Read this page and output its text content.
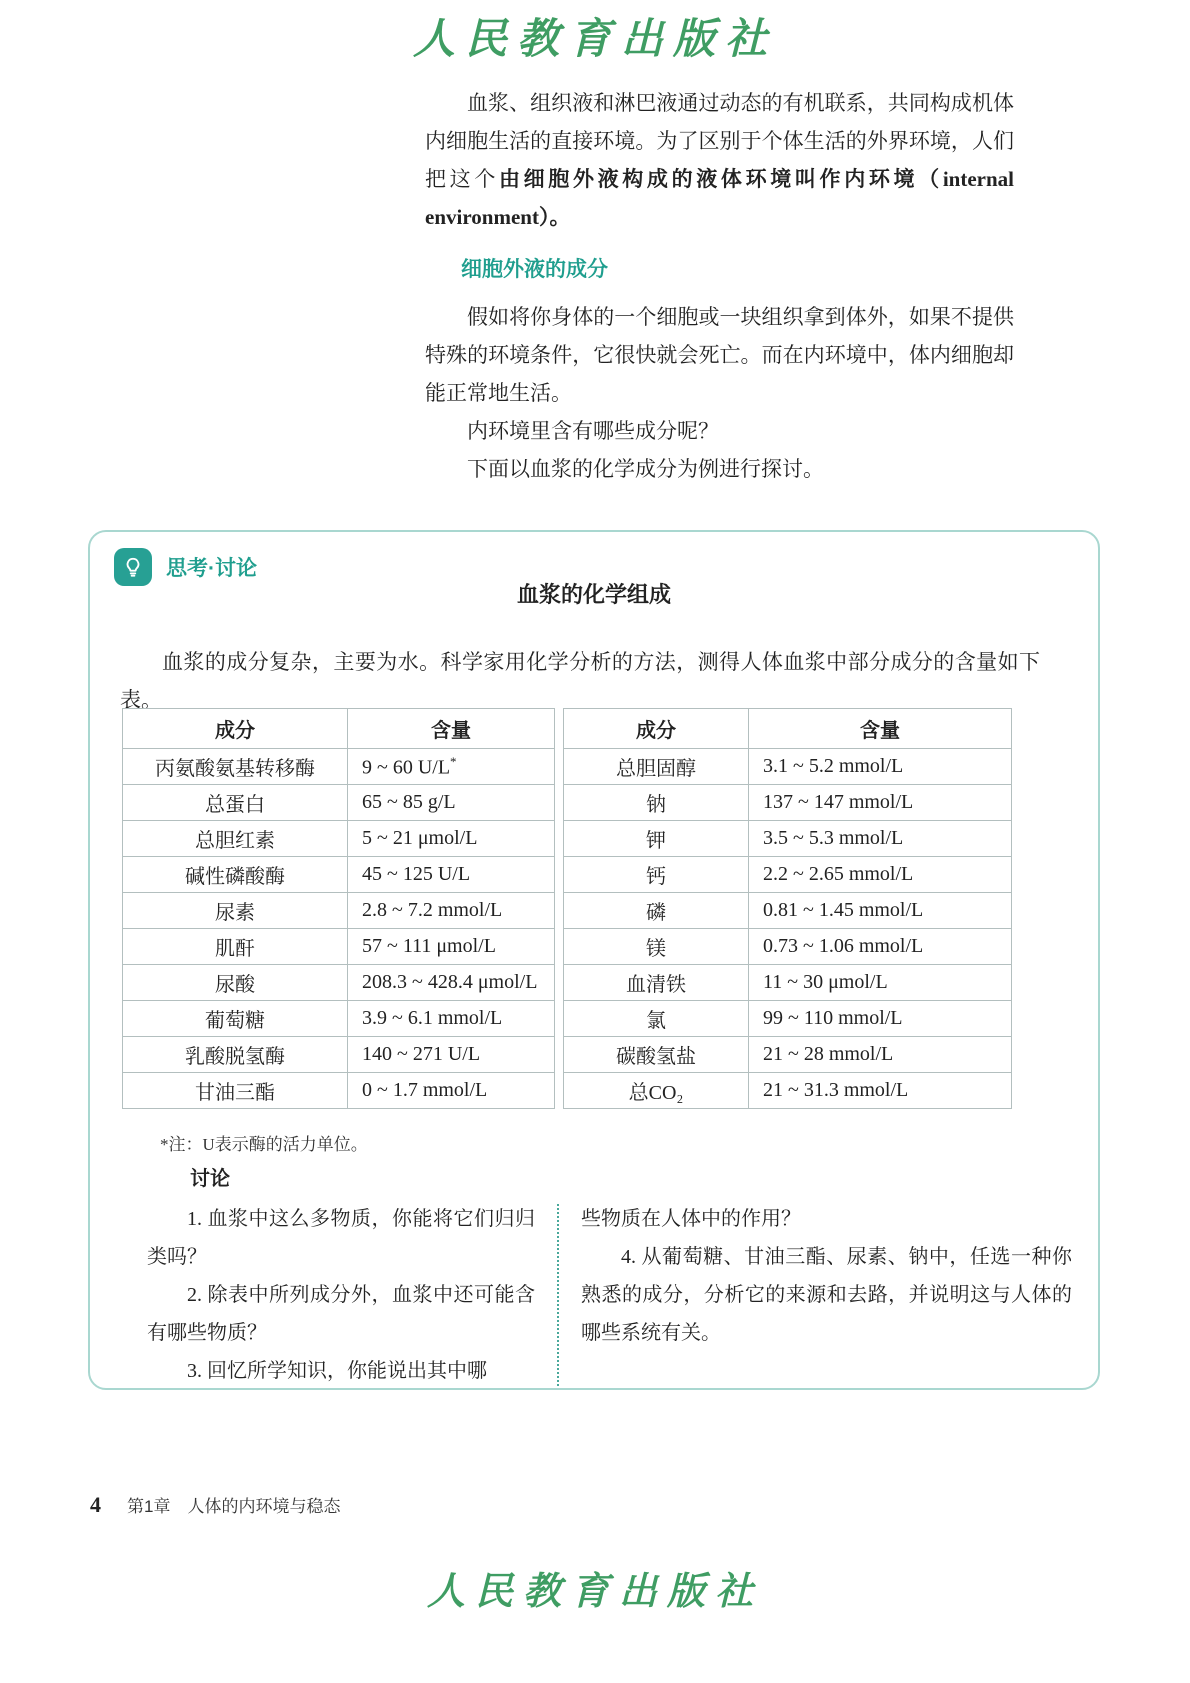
人民教育出版社

血浆、组织液和淋巴液通过动态的有机联系，共同构成机体内细胞生活的直接环境。为了区别于个体生活的外界环境，人们把这个由细胞外液构成的液体环境叫作内环境（internal environment）。

细胞外液的成分

假如将你身体的一个细胞或一块组织拿到体外，如果不提供特殊的环境条件，它很快就会死亡。而在内环境中，体内细胞却能正常地生活。

内环境里含有哪些成分呢？

下面以血浆的化学成分为例进行探讨。

思考·讨论
血浆的化学组成

血浆的成分复杂，主要为水。科学家用化学分析的方法，测得人体血浆中部分成分的含量如下表。

成分	含量
丙氨酸氨基转移酶	9 ~ 60 U/L*
总蛋白	65 ~ 85 g/L
总胆红素	5 ~ 21 μmol/L
碱性磷酸酶	45 ~ 125 U/L
尿素	2.8 ~ 7.2 mmol/L
肌酐	57 ~ 111 μmol/L
尿酸	208.3 ~ 428.4 μmol/L
葡萄糖	3.9 ~ 6.1 mmol/L
乳酸脱氢酶	140 ~ 271 U/L
甘油三酯	0 ~ 1.7 mmol/L
成分	含量
总胆固醇	3.1 ~ 5.2 mmol/L
钠	137 ~ 147 mmol/L
钾	3.5 ~ 5.3 mmol/L
钙	2.2 ~ 2.65 mmol/L
磷	0.81 ~ 1.45 mmol/L
镁	0.73 ~ 1.06 mmol/L
血清铁	11 ~ 30 μmol/L
氯	99 ~ 110 mmol/L
碳酸氢盐	21 ~ 28 mmol/L
总CO₂	21 ~ 31.3 mmol/L
*注：U表示酶的活力单位。
讨论

1. 血浆中这么多物质，你能将它们归归类吗？

2. 除表中所列成分外，血浆中还可能含有哪些物质？

3. 回忆所学知识，你能说出其中哪

些物质在人体中的作用？

4. 从葡萄糖、甘油三酯、尿素、钠中，任选一种你熟悉的成分，分析它的来源和去路，并说明这与人体的哪些系统有关。

4 第1章　人体的内环境与稳态
人民教育出版社
